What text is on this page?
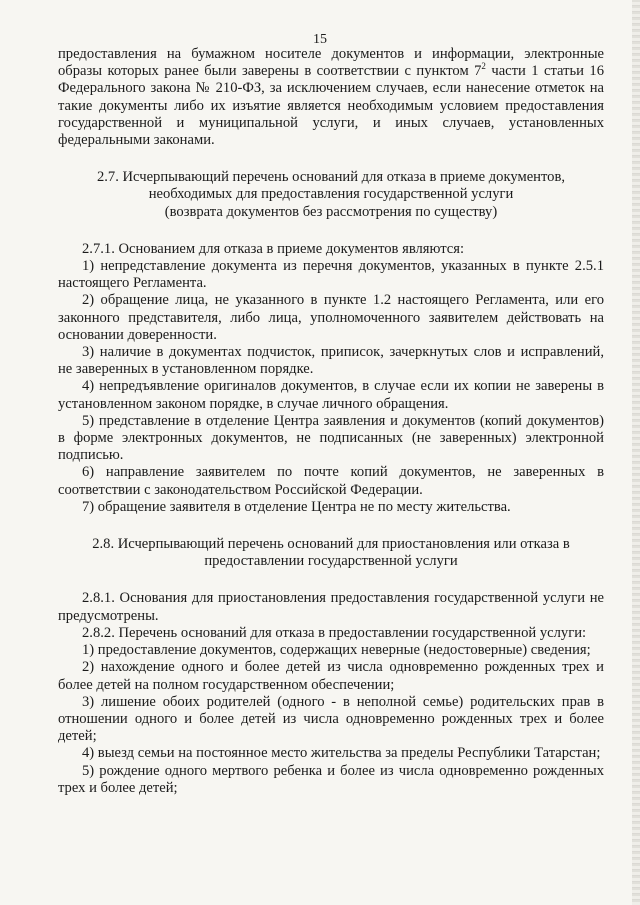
15

предоставления на бумажном носителе документов и информации, электронные образы которых ранее были заверены в соответствии с пунктом $7^2$ части 1 статьи 16 Федерального закона № 210-ФЗ, за исключением случаев, если нанесение отметок на такие документы либо их изъятие является необходимым условием предоставления государственной и муниципальной услуги, и иных случаев, установленных федеральными законами.

2.7. Исчерпывающий перечень оснований для отказа в приеме документов,

необходимых для предоставления государственной услуги

(возврата документов без рассмотрения по существу)

2.7.1. Основанием для отказа в приеме документов являются:

1) непредставление документа из перечня документов, указанных в пункте 2.5.1 настоящего Регламента.

2) обращение лица, не указанного в пункте 1.2 настоящего Регламента, или его законного представителя, либо лица, уполномоченного заявителем действовать на основании доверенности.

3) наличие в документах подчисток, приписок, зачеркнутых слов и исправлений, не заверенных в установленном порядке.

4) непредъявление оригиналов документов, в случае если их копии не заверены в установленном законом порядке, в случае личного обращения.

5) представление в отделение Центра заявления и документов (копий документов) в форме электронных документов, не подписанных (не заверенных) электронной подписью.

6) направление заявителем по почте копий документов, не заверенных в соответствии с законодательством Российской Федерации.

7) обращение заявителя в отделение Центра не по месту жительства.

2.8. Исчерпывающий перечень оснований для приостановления или отказа в

предоставлении государственной услуги

2.8.1. Основания для приостановления предоставления государственной услуги не предусмотрены.

2.8.2. Перечень оснований для отказа в предоставлении государственной услуги:

1) предоставление документов, содержащих неверные (недостоверные) сведения;

2) нахождение одного и более детей из числа одновременно рожденных трех и более детей на полном государственном обеспечении;

3) лишение обоих родителей (одного - в неполной семье) родительских прав в отношении одного и более детей из числа одновременно рожденных трех и более детей;

4) выезд семьи на постоянное место жительства за пределы Республики Татарстан;

5) рождение одного мертвого ребенка и более из числа одновременно рожденных трех и более детей;
